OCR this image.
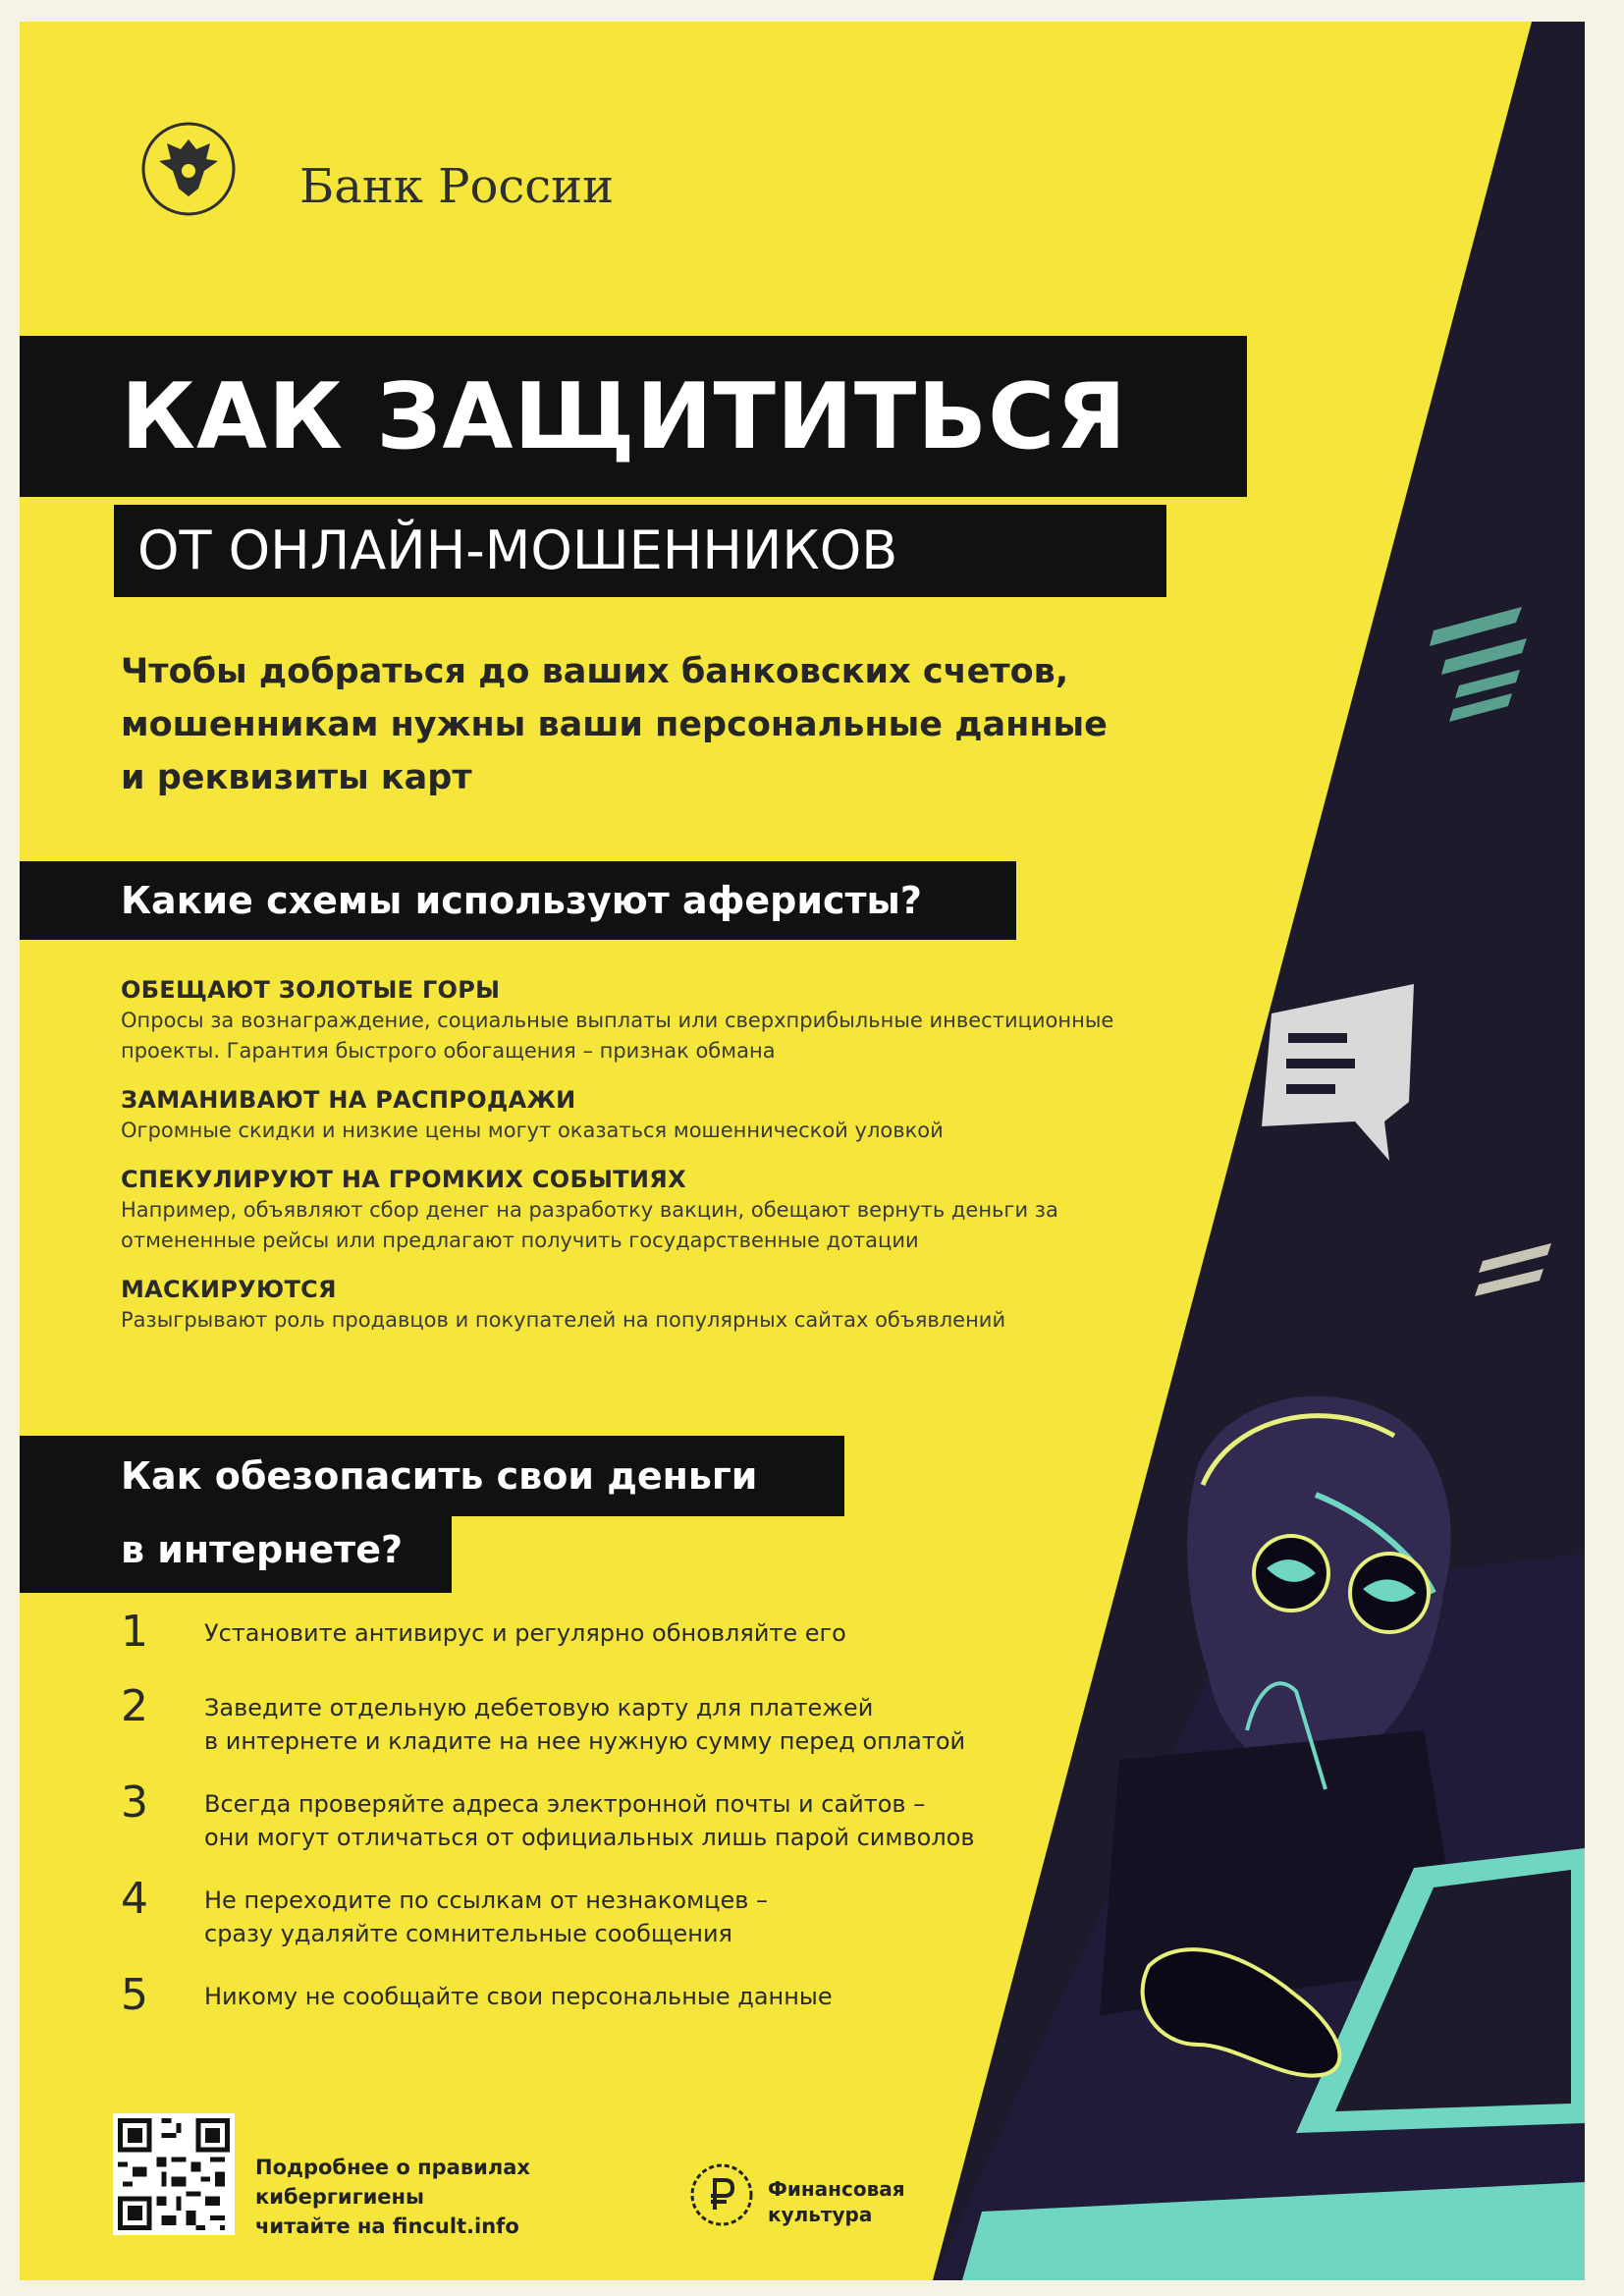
Банк России
КАК ЗАЩИТИТЬСЯ
ОТ ОНЛАЙН-МОШЕННИКОВ
Чтобы добраться до ваших банковских счетов,
мошенникам нужны ваши персональные данные
и реквизиты карт
Какие схемы используют аферисты?
ОБЕЩАЮТ ЗОЛОТЫЕ ГОРЫ
Опросы за вознаграждение, социальные выплаты или сверхприбыльные инвестиционные проекты. Гарантия быстрого обогащения – признак обмана
ЗАМАНИВАЮТ НА РАСПРОДАЖИ
Огромные скидки и низкие цены могут оказаться мошеннической уловкой
СПЕКУЛИРУЮТ НА ГРОМКИХ СОБЫТИЯХ
Например, объявляют сбор денег на разработку вакцин, обещают вернуть деньги за отмененные рейсы или предлагают получить государственные дотации
МАСКИРУЮТСЯ
Разыгрывают роль продавцов и покупателей на популярных сайтах объявлений
Как обезопасить свои деньги
в интернете?
1 Установите антивирус и регулярно обновляйте его
2 Заведите отдельную дебетовую карту для платежей
в интернете и кладите на нее нужную сумму перед оплатой
3 Всегда проверяйте адреса электронной почты и сайтов –
они могут отличаться от официальных лишь парой символов
4 Не переходите по ссылкам от незнакомцев –
сразу удаляйте сомнительные сообщения
5 Никому не сообщайте свои персональные данные
Подробнее о правилах
кибергигиены
читайте на fincult.info
Финансовая
культура
